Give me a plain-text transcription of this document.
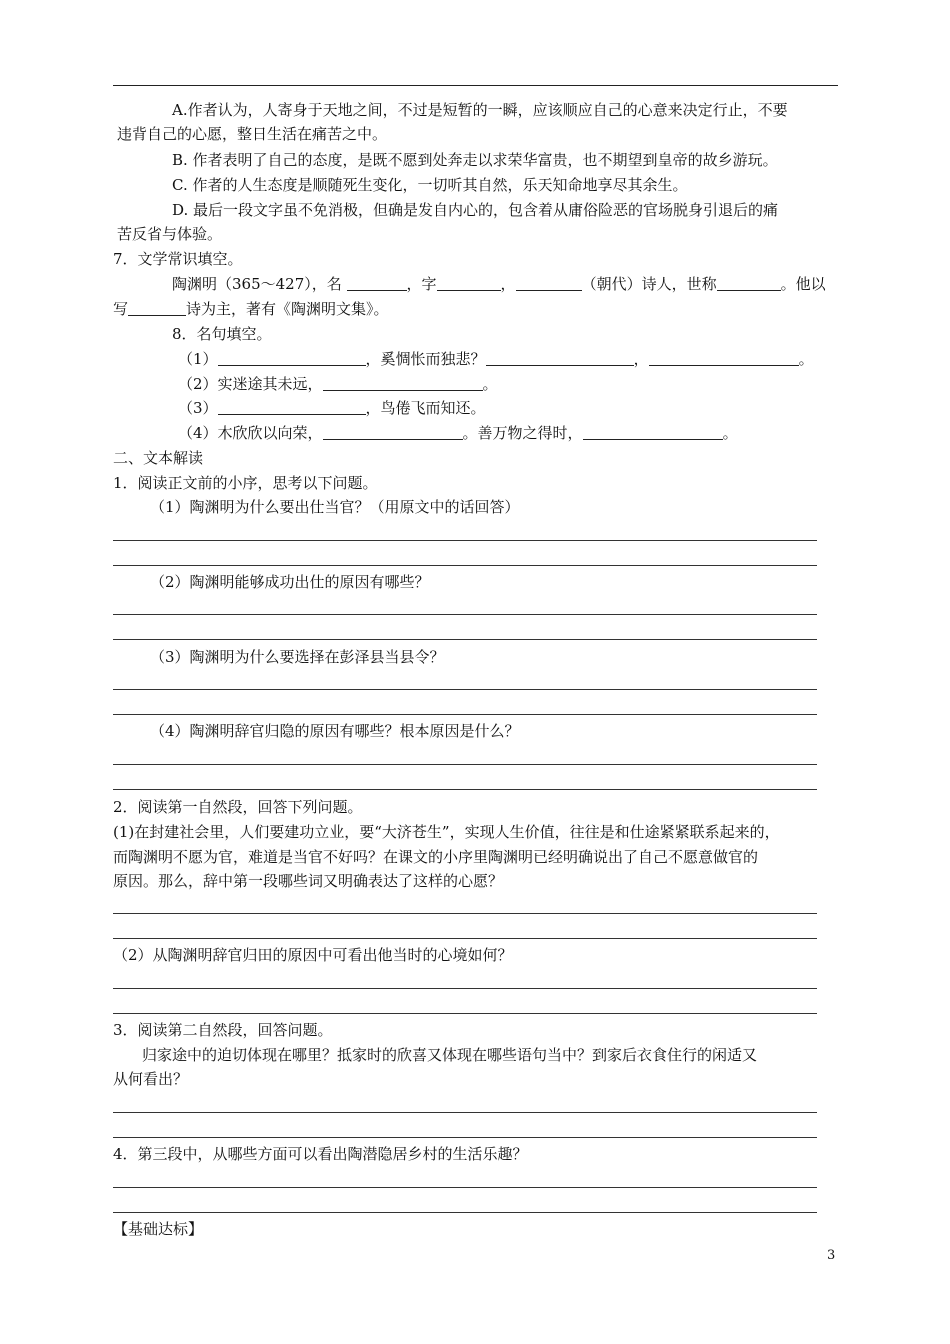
A.作者认为，人寄身于天地之间，不过是短暂的一瞬，应该顺应自己的心意来决定行止，不要
违背自己的心愿，整日生活在痛苦之中。
B. 作者表明了自己的态度，是既不愿到处奔走以求荣华富贵，也不期望到皇帝的故乡游玩。
C. 作者的人生态度是顺随死生变化，一切听其自然，乐天知命地享尽其余生。
D. 最后一段文字虽不免消极，但确是发自内心的，包含着从庸俗险恶的官场脱身引退后的痛
苦反省与体验。
7．文学常识填空。
陶渊明（365～427），名	，字	，	（朝代）诗人，世称	。他以
写	诗为主，著有《陶渊明文集》。
8．名句填空。
（1）	，奚惆怅而独悲？	，	。
（2）实迷途其未远，	。
（3）	，鸟倦飞而知还。
（4）木欣欣以向荣，	。善万物之得时，	。
二、文本解读
1．阅读正文前的小序，思考以下问题。
（1）陶渊明为什么要出仕当官？（用原文中的话回答）
（2）陶渊明能够成功出仕的原因有哪些？
（3）陶渊明为什么要选择在彭泽县当县令？
（4）陶渊明辞官归隐的原因有哪些？根本原因是什么？
2．阅读第一自然段，回答下列问题。
(1)在封建社会里，人们要建功立业，要“大济苍生”，实现人生价值，往往是和仕途紧紧联系起来的，
而陶渊明不愿为官，难道是当官不好吗？在课文的小序里陶渊明已经明确说出了自己不愿意做官的
原因。那么，辞中第一段哪些词又明确表达了这样的心愿？
（2）从陶渊明辞官归田的原因中可看出他当时的心境如何？
3．阅读第二自然段，回答问题。
归家途中的迫切体现在哪里？抵家时的欣喜又体现在哪些语句当中？到家后衣食住行的闲适又
从何看出？
4．第三段中，从哪些方面可以看出陶潜隐居乡村的生活乐趣？
【基础达标】
3
